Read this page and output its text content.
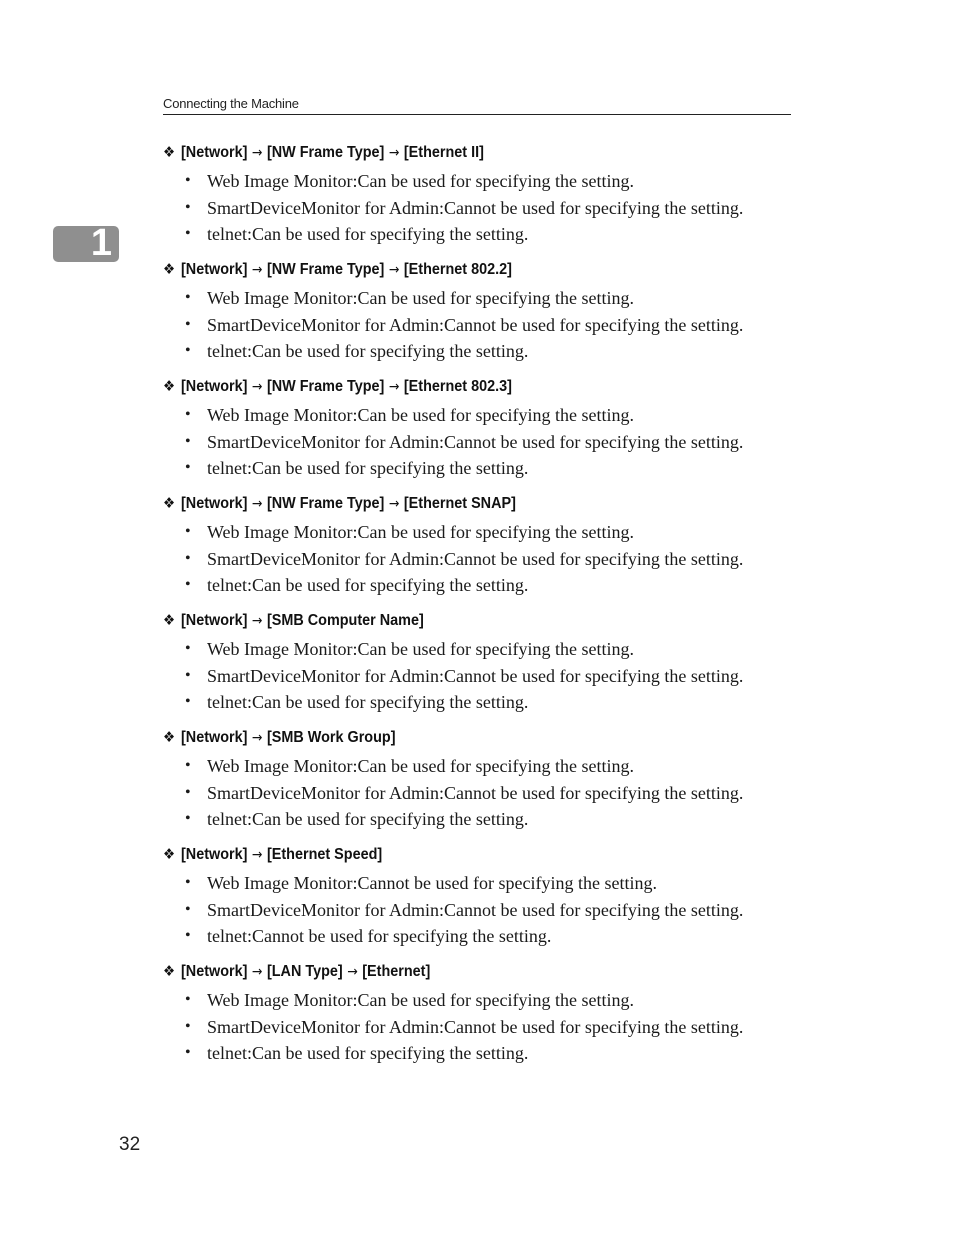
Connecting the Machine
1
❖ [Network] → [NW Frame Type] → [Ethernet II]
• Web Image Monitor:Can be used for specifying the setting.
• SmartDeviceMonitor for Admin:Cannot be used for specifying the setting.
• telnet:Can be used for specifying the setting.
❖ [Network] → [NW Frame Type] → [Ethernet 802.2]
• Web Image Monitor:Can be used for specifying the setting.
• SmartDeviceMonitor for Admin:Cannot be used for specifying the setting.
• telnet:Can be used for specifying the setting.
❖ [Network] → [NW Frame Type] → [Ethernet 802.3]
• Web Image Monitor:Can be used for specifying the setting.
• SmartDeviceMonitor for Admin:Cannot be used for specifying the setting.
• telnet:Can be used for specifying the setting.
❖ [Network] → [NW Frame Type] → [Ethernet SNAP]
• Web Image Monitor:Can be used for specifying the setting.
• SmartDeviceMonitor for Admin:Cannot be used for specifying the setting.
• telnet:Can be used for specifying the setting.
❖ [Network] → [SMB Computer Name]
• Web Image Monitor:Can be used for specifying the setting.
• SmartDeviceMonitor for Admin:Cannot be used for specifying the setting.
• telnet:Can be used for specifying the setting.
❖ [Network] → [SMB Work Group]
• Web Image Monitor:Can be used for specifying the setting.
• SmartDeviceMonitor for Admin:Cannot be used for specifying the setting.
• telnet:Can be used for specifying the setting.
❖ [Network] → [Ethernet Speed]
• Web Image Monitor:Cannot be used for specifying the setting.
• SmartDeviceMonitor for Admin:Cannot be used for specifying the setting.
• telnet:Cannot be used for specifying the setting.
❖ [Network] → [LAN Type] → [Ethernet]
• Web Image Monitor:Can be used for specifying the setting.
• SmartDeviceMonitor for Admin:Cannot be used for specifying the setting.
• telnet:Can be used for specifying the setting.
32
